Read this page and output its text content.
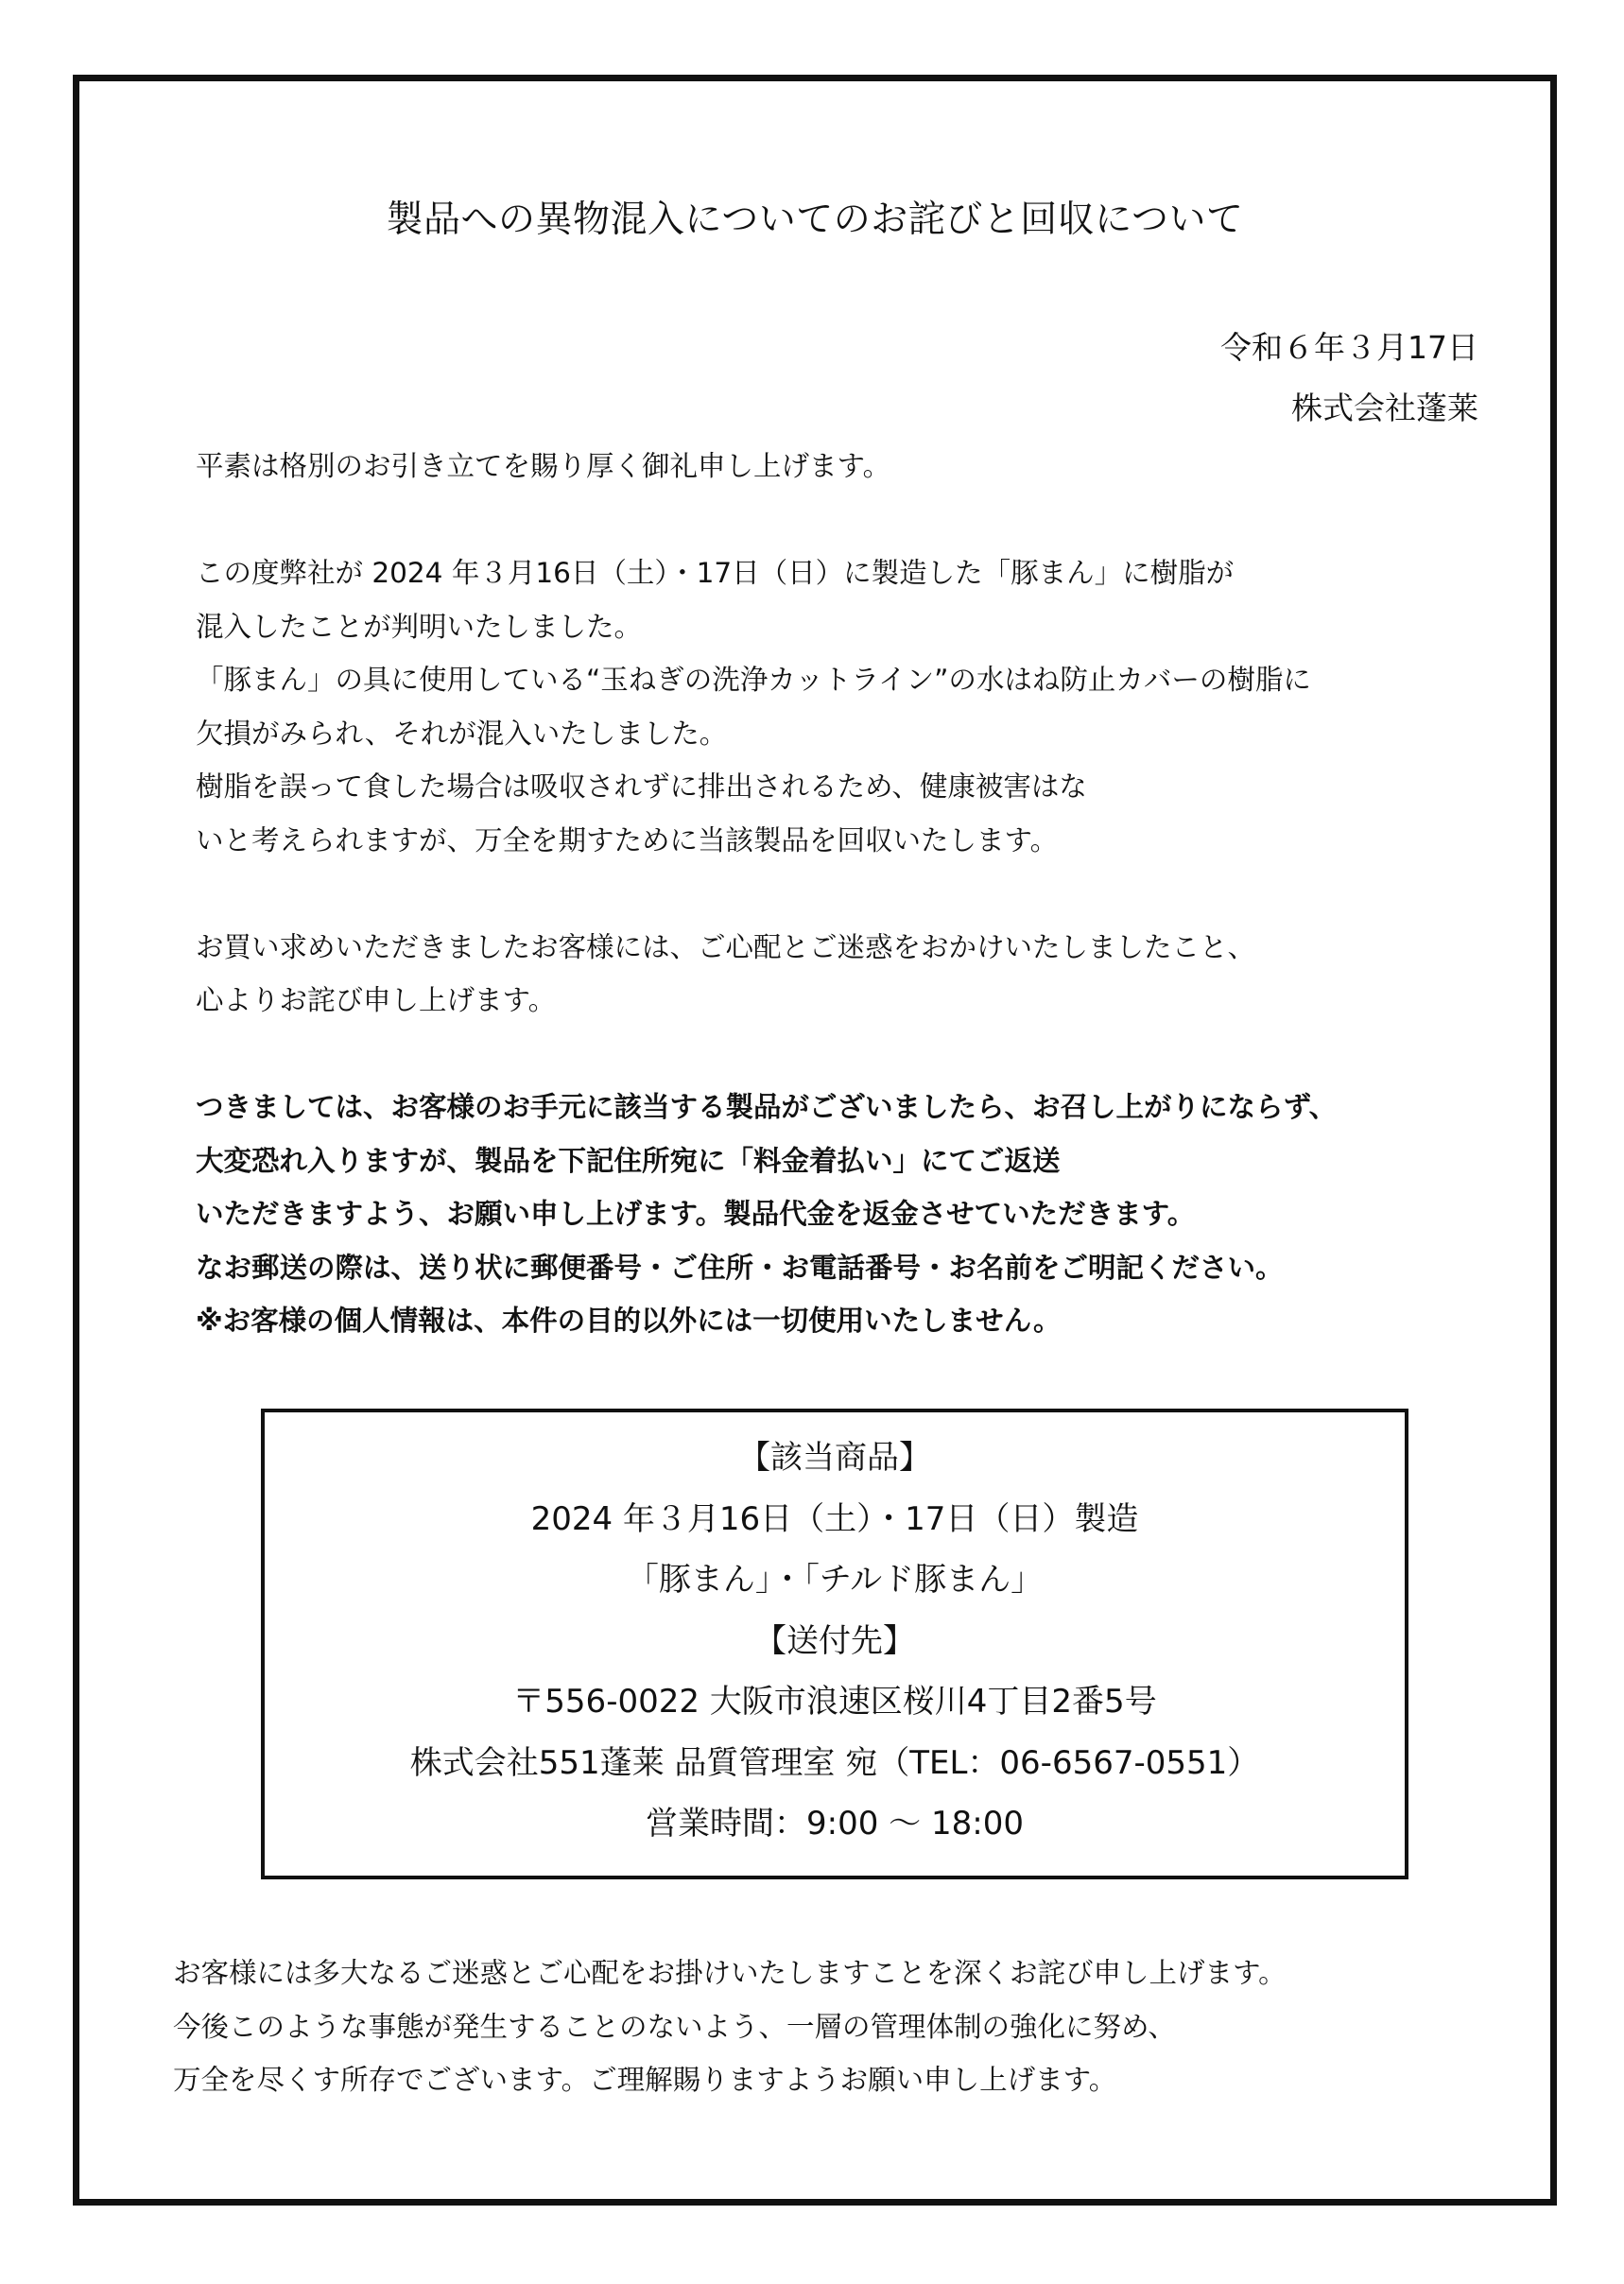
製品への異物混入についてのお詫びと回収について
令和６年３月17日
株式会社蓬莱

平素は格別のお引き立てを賜り厚く御礼申し上げます。

この度弊社が 2024 年３月16日（土）・17日（日）に製造した「豚まん」に樹脂が

混入したことが判明いたしました。

「豚まん」の具に使用している“玉ねぎの洗浄カットライン”の水はね防止カバーの樹脂に

欠損がみられ、それが混入いたしました。

樹脂を誤って食した場合は吸収されずに排出されるため、健康被害はな

いと考えられますが、万全を期すために当該製品を回収いたします。

お買い求めいただきましたお客様には、ご心配とご迷惑をおかけいたしましたこと、

心よりお詫び申し上げます。

つきましては、お客様のお手元に該当する製品がございましたら、お召し上がりにならず、

大変恐れ入りますが、製品を下記住所宛に「料金着払い」にてご返送

いただきますよう、お願い申し上げます。製品代金を返金させていただきます。

なお郵送の際は、送り状に郵便番号・ご住所・お電話番号・お名前をご明記ください。

※お客様の個人情報は、本件の目的以外には一切使用いたしません。

【該当商品】
2024 年３月16日（土）・17日（日）製造
「豚まん」・「チルド豚まん」
【送付先】
〒556-0022 大阪市浪速区桜川4丁目2番5号
株式会社551蓬莱 品質管理室 宛（TEL：06-6567-0551）
営業時間：9:00 ～ 18:00

お客様には多大なるご迷惑とご心配をお掛けいたしますことを深くお詫び申し上げます。

今後このような事態が発生することのないよう、一層の管理体制の強化に努め、

万全を尽くす所存でございます。ご理解賜りますようお願い申し上げます。
